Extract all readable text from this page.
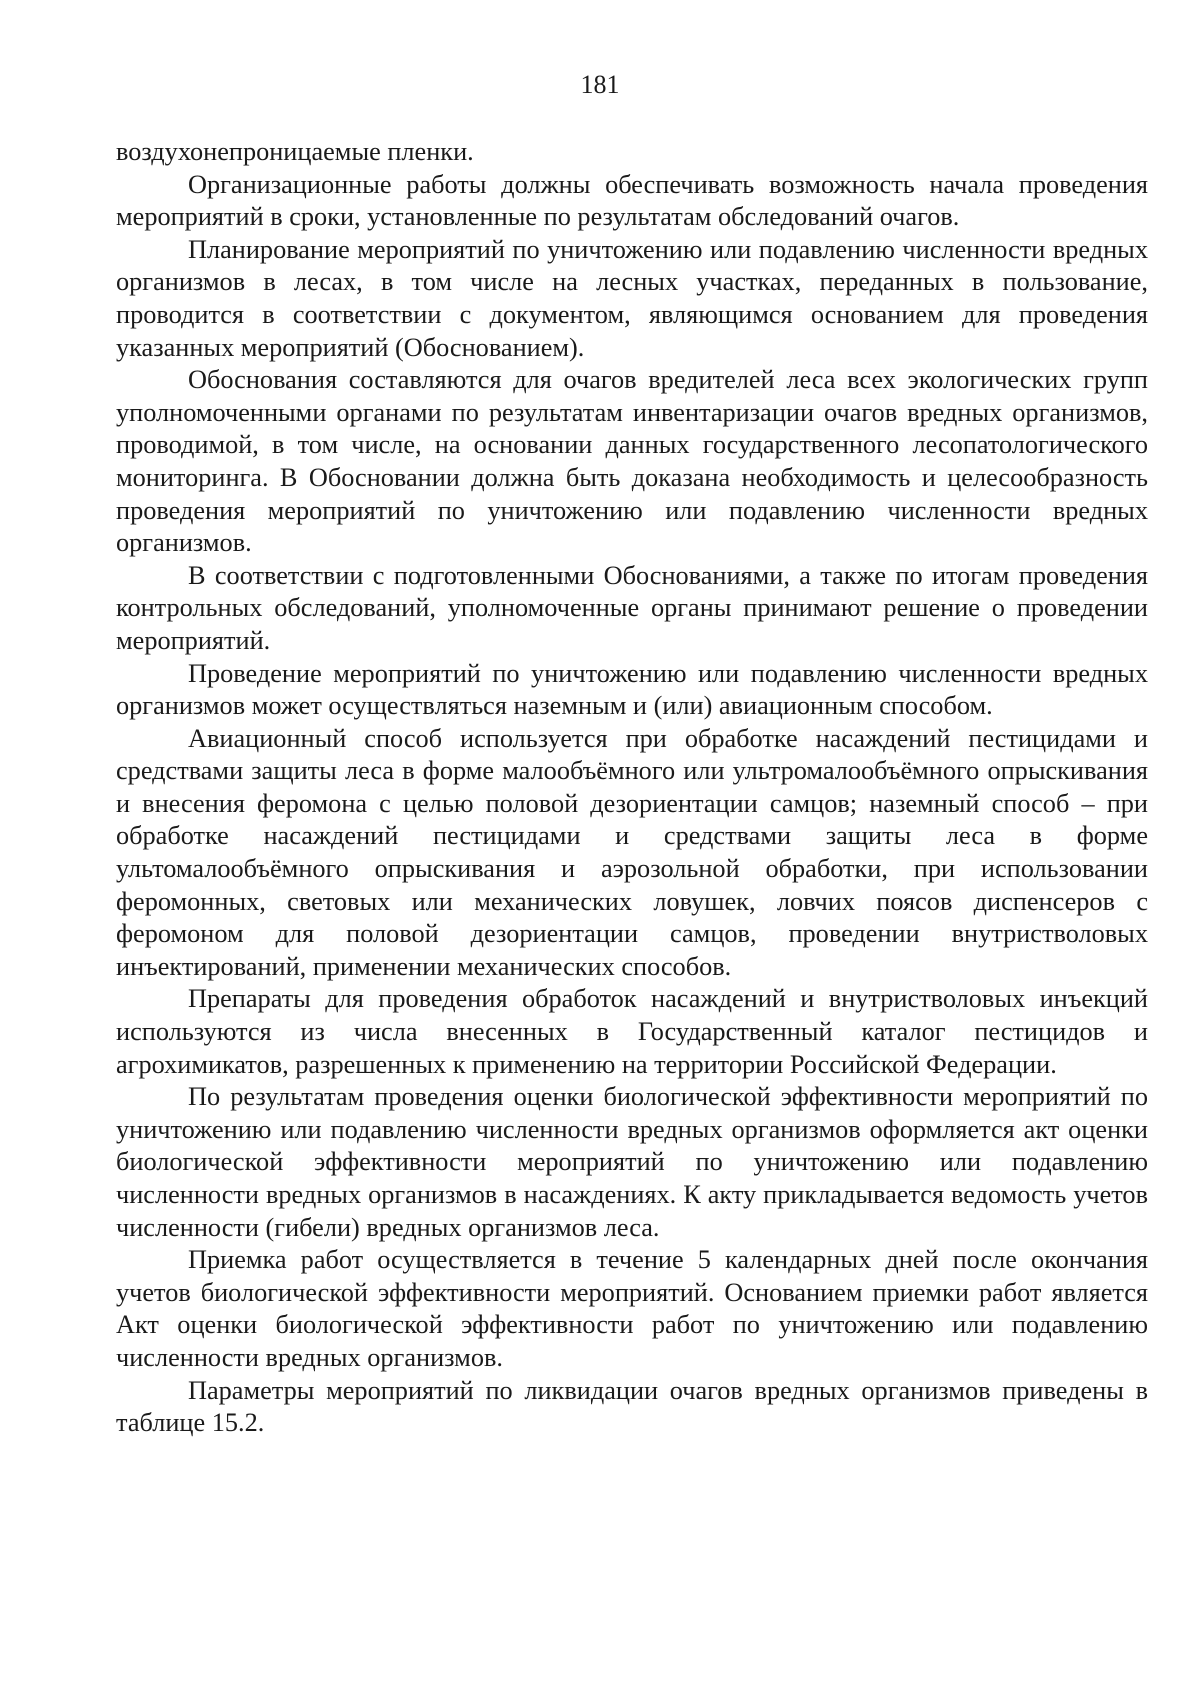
181

воздухонепроницаемые пленки.

Организационные работы должны обеспечивать возможность начала проведения мероприятий в сроки, установленные по результатам обследований очагов.

Планирование мероприятий по уничтожению или подавлению численности вредных организмов в лесах, в том числе на лесных участках, переданных в пользование, проводится в соответствии с документом, являющимся основанием для проведения указанных мероприятий (Обоснованием).

Обоснования составляются для очагов вредителей леса всех экологических групп уполномоченными органами по результатам инвентаризации очагов вредных организмов, проводимой, в том числе, на основании данных государственного лесопатологического мониторинга. В Обосновании должна быть доказана необходимость и целесообразность проведения мероприятий по уничтожению или подавлению численности вредных организмов.

В соответствии с подготовленными Обоснованиями, а также по итогам проведения контрольных обследований, уполномоченные органы принимают решение о проведении мероприятий.

Проведение мероприятий по уничтожению или подавлению численности вредных организмов может осуществляться наземным и (или) авиационным способом.

Авиационный способ используется при обработке насаждений пестицидами и средствами защиты леса в форме малообъёмного или ультромалообъёмного опрыскивания и внесения феромона с целью половой дезориентации самцов; наземный способ – при обработке насаждений пестицидами и средствами защиты леса в форме ультомалообъёмного опрыскивания и аэрозольной обработки, при использовании феромонных, световых или механических ловушек, ловчих поясов диспенсеров с феромоном для половой дезориентации самцов, проведении внутристволовых инъектирований, применении механических способов.

Препараты для проведения обработок насаждений и внутристволовых инъекций используются из числа внесенных в Государственный каталог пестицидов и агрохимикатов, разрешенных к применению на территории Российской Федерации.

По результатам проведения оценки биологической эффективности мероприятий по уничтожению или подавлению численности вредных организмов оформляется акт оценки биологической эффективности мероприятий по уничтожению или подавлению численности вредных организмов в насаждениях. К акту прикладывается ведомость учетов численности (гибели) вредных организмов леса.

Приемка работ осуществляется в течение 5 календарных дней после окончания учетов биологической эффективности мероприятий. Основанием приемки работ является Акт оценки биологической эффективности работ по уничтожению или подавлению численности вредных организмов.

Параметры мероприятий по ликвидации очагов вредных организмов приведены в таблице 15.2.
